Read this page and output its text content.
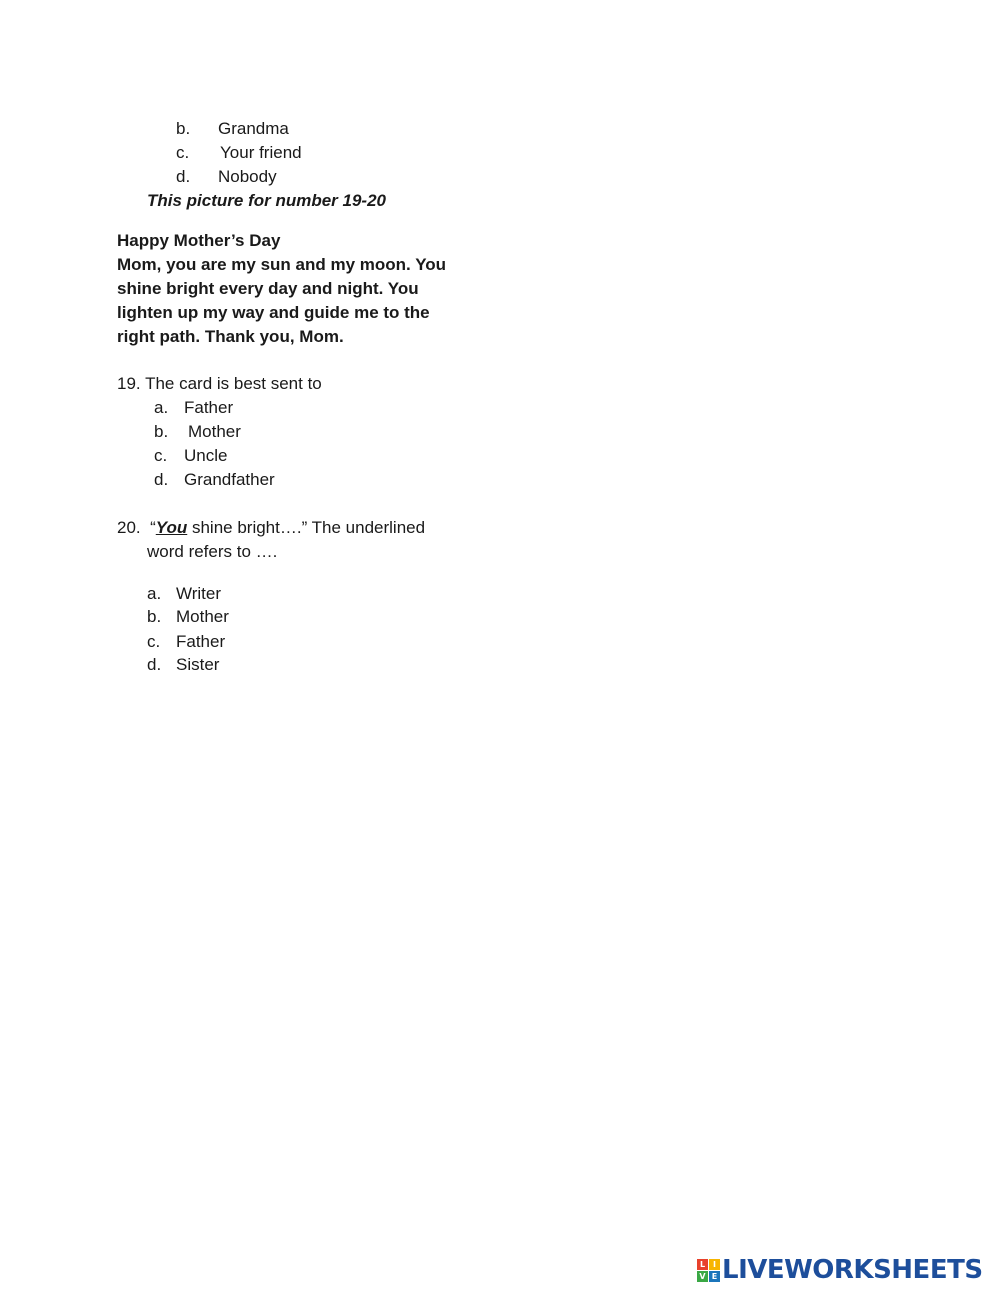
b. Grandma
c. Your friend
d. Nobody
This picture for number 19-20
Happy Mother’s Day
Mom, you are my sun and my moon. You
shine bright every day and night. You
lighten up my way and guide me to the
right path. Thank you, Mom.
19. The card is best sent to
a. Father
b. Mother
c. Uncle
d. Grandfather
20. “You shine bright….” The underlined
word refers to ….
a. Writer
b. Mother
c. Father
d. Sister
L I
V E LIVEWORKSHEETS
